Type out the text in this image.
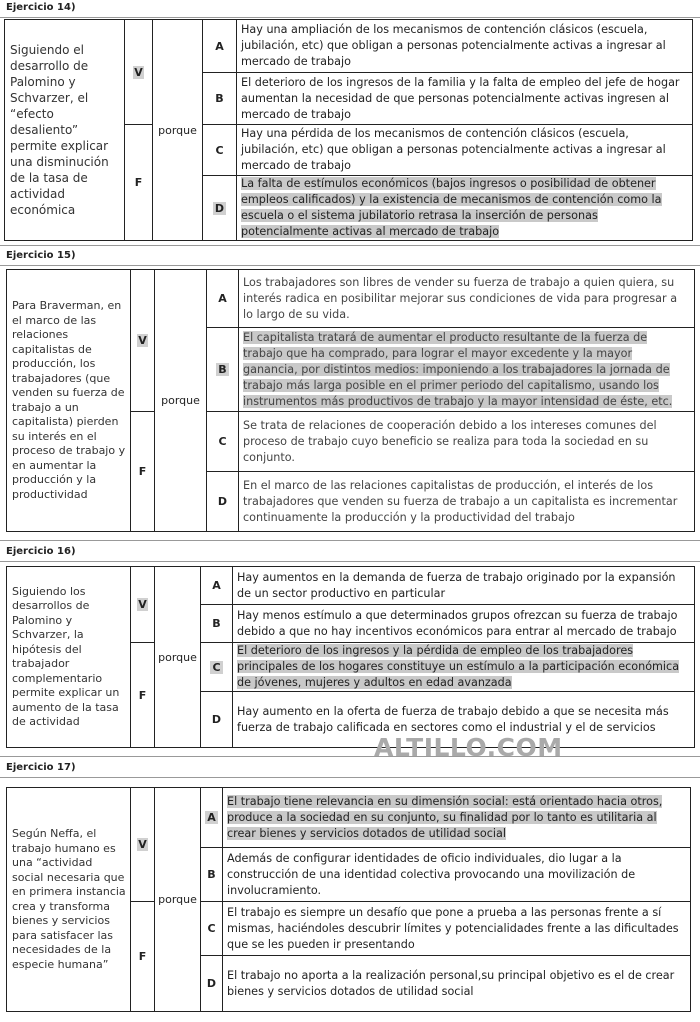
Ejercicio 14)
Siguiendo el desarrollo de Palomino y Schvarzer, el “efecto desaliento” permite explicar una disminución de la tasa de actividad económica	V	porque	A	Hay una ampliación de los mecanismos de contención clásicos (escuela, jubilación, etc) que obligan a personas potencialmente activas a ingresar al mercado de trabajo
			B	El deterioro de los ingresos de la familia y la falta de empleo del jefe de hogar aumentan la necesidad de que personas potencialmente activas ingresen al mercado de trabajo
	F		C	Hay una pérdida de los mecanismos de contención clásicos (escuela, jubilación, etc) que obligan a personas potencialmente activas a ingresar al mercado de trabajo
			D	La falta de estímulos económicos (bajos ingresos o posibilidad de obtener empleos calificados) y la existencia de mecanismos de contención como la escuela o el sistema jubilatorio retrasa la inserción de personas potencialmente activas al mercado de trabajo
Ejercicio 15)
Para Braverman, en el marco de las relaciones capitalistas de producción, los trabajadores (que venden su fuerza de trabajo a un capitalista) pierden su interés en el proceso de trabajo y en aumentar la producción y la productividad	V	porque	A	Los trabajadores son libres de vender su fuerza de trabajo a quien quiera, su interés radica en posibilitar mejorar sus condiciones de vida para progresar a lo largo de su vida.
			B	El capitalista tratará de aumentar el producto resultante de la fuerza de trabajo que ha comprado, para lograr el mayor excedente y la mayor ganancia, por distintos medios: imponiendo a los trabajadores la jornada de trabajo más larga posible en el primer periodo del capitalismo, usando los instrumentos más productivos de trabajo y la mayor intensidad de éste, etc.
	F		C	Se trata de relaciones de cooperación debido a los intereses comunes del proceso de trabajo cuyo beneficio se realiza para toda la sociedad en su conjunto.
			D	En el marco de las relaciones capitalistas de producción, el interés de los trabajadores que venden su fuerza de trabajo a un capitalista es incrementar continuamente la producción y la productividad del trabajo
Ejercicio 16)
Siguiendo los desarrollos de Palomino y Schvarzer, la hipótesis del trabajador complementario permite explicar un aumento de la tasa de actividad	V	porque	A	Hay aumentos en la demanda de fuerza de trabajo originado por la expansión de un sector productivo en particular
			B	Hay menos estímulo a que determinados grupos ofrezcan su fuerza de trabajo debido a que no hay incentivos económicos para entrar al mercado de trabajo
	F		C	El deterioro de los ingresos y la pérdida de empleo de los trabajadores principales de los hogares constituye un estímulo a la participación económica de jóvenes, mujeres y adultos en edad avanzada
			D	Hay aumento en la oferta de fuerza de trabajo debido a que se necesita más fuerza de trabajo calificada en sectores como el industrial y el de servicios
ALTILLO.COM
Ejercicio 17)
Según Neffa, el trabajo humano es una “actividad social necesaria que en primera instancia crea y transforma bienes y servicios para satisfacer las necesidades de la especie humana”	V	porque	A	El trabajo tiene relevancia en su dimensión social: está orientado hacia otros, produce a la sociedad en su conjunto, su finalidad por lo tanto es utilitaria al crear bienes y servicios dotados de utilidad social
			B	Además de configurar identidades de oficio individuales, dio lugar a la construcción de una identidad colectiva provocando una movilización de involucramiento.
	F		C	El trabajo es siempre un desafío que pone a prueba a las personas frente a sí mismas, haciéndoles descubrir límites y potencialidades frente a las dificultades que se les pueden ir presentando
			D	El trabajo no aporta a la realización personal,su principal objetivo es el de crear bienes y servicios dotados de utilidad social
